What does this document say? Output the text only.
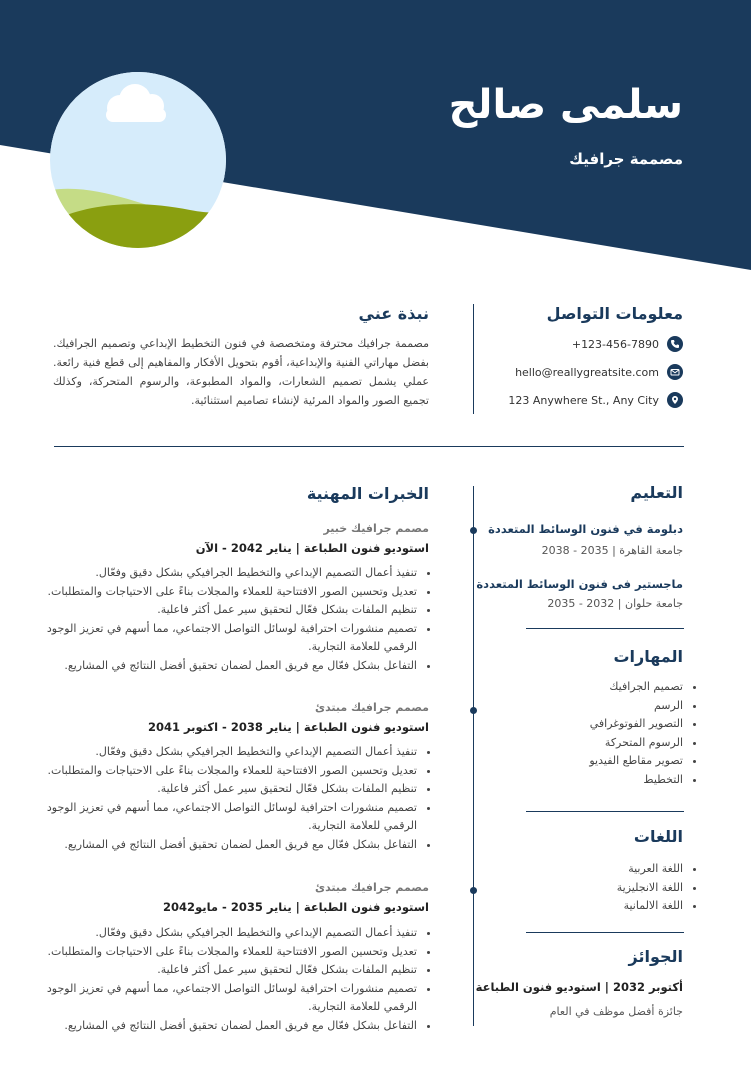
سلمى صالح
مصممة جرافيك
معلومات التواصل
123-456-7890+
hello@reallygreatsite.com
123 Anywhere St., Any City
نبذة عني
مصممة جرافيك محترفة ومتخصصة في فنون التخطيط الإبداعي وتصميم الجرافيك. بفضل مهاراتي الفنية والإبداعية، أقوم بتحويل الأفكار والمفاهيم إلى قطع فنية رائعة. عملي يشمل تصميم الشعارات، والمواد المطبوعة، والرسوم المتحركة، وكذلك تجميع الصور والمواد المرئية لإنشاء تصاميم استثنائية.
التعليم
دبلومة في فنون الوسائط المتعددة
جامعة القاهرة | 2035 - 2038
ماجستير فى فنون الوسائط المتعددة
جامعة حلوان | 2032 - 2035
المهارات
• تصميم الجرافيك
• الرسم
• التصوير الفوتوغرافي
• الرسوم المتحركة
• تصوير مقاطع الفيديو
• التخطيط
اللغات
• اللغة العربية
• اللغة الانجليزية
• اللغة الالمانية
الجوائز
أكتوبر 2032 | استوديو فنون الطباعة
جائزة أفضل موظف في العام
الخبرات المهنية
مصمم جرافيك خبير
استوديو فنون الطباعة | يناير 2042 - الآن
• تنفيذ أعمال التصميم الإبداعي والتخطيط الجرافيكي بشكل دقيق وفعّال.
• تعديل وتحسين الصور الافتتاحية للعملاء والمجلات بناءً على الاحتياجات والمتطلبات.
• تنظيم الملفات بشكل فعّال لتحقيق سير عمل أكثر فاعلية.
• تصميم منشورات احترافية لوسائل التواصل الاجتماعي، مما أسهم في تعزيز الوجود الرقمي للعلامة التجارية.
• التفاعل بشكل فعّال مع فريق العمل لضمان تحقيق أفضل النتائج في المشاريع.
مصمم جرافيك مبتدئ
استوديو فنون الطباعة | يناير 2038 - اكتوبر 2041
• تنفيذ أعمال التصميم الإبداعي والتخطيط الجرافيكي بشكل دقيق وفعّال.
• تعديل وتحسين الصور الافتتاحية للعملاء والمجلات بناءً على الاحتياجات والمتطلبات.
• تنظيم الملفات بشكل فعّال لتحقيق سير عمل أكثر فاعلية.
• تصميم منشورات احترافية لوسائل التواصل الاجتماعي، مما أسهم في تعزيز الوجود الرقمي للعلامة التجارية.
• التفاعل بشكل فعّال مع فريق العمل لضمان تحقيق أفضل النتائج في المشاريع.
مصمم جرافيك مبتدئ
استوديو فنون الطباعة | يناير 2035 - مايو2042
• تنفيذ أعمال التصميم الإبداعي والتخطيط الجرافيكي بشكل دقيق وفعّال.
• تعديل وتحسين الصور الافتتاحية للعملاء والمجلات بناءً على الاحتياجات والمتطلبات.
• تنظيم الملفات بشكل فعّال لتحقيق سير عمل أكثر فاعلية.
• تصميم منشورات احترافية لوسائل التواصل الاجتماعي، مما أسهم في تعزيز الوجود الرقمي للعلامة التجارية.
• التفاعل بشكل فعّال مع فريق العمل لضمان تحقيق أفضل النتائج في المشاريع.
